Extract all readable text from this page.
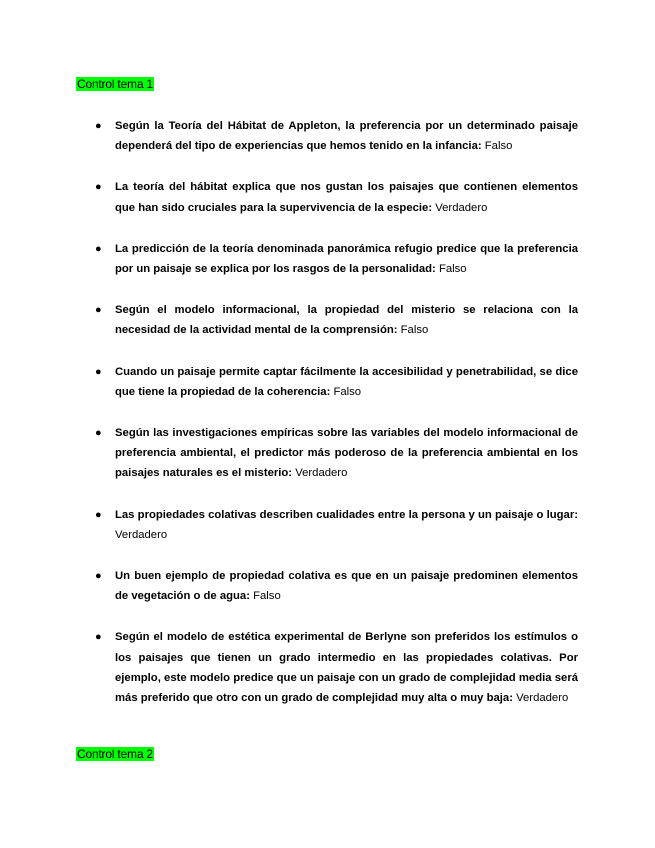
Control tema 1

● Según la Teoría del Hábitat de Appleton, la preferencia por un determinado paisaje dependerá del tipo de experiencias que hemos tenido en la infancia: Falso
● La teoría del hábitat explica que nos gustan los paisajes que contienen elementos que han sido cruciales para la supervivencia de la especie: Verdadero
● La predicción de la teoría denominada panorámica refugio predice que la preferencia por un paisaje se explica por los rasgos de la personalidad: Falso
● Según el modelo informacional, la propiedad del misterio se relaciona con la necesidad de la actividad mental de la comprensión: Falso
● Cuando un paisaje permite captar fácilmente la accesibilidad y penetrabilidad, se dice que tiene la propiedad de la coherencia: Falso
● Según las investigaciones empíricas sobre las variables del modelo informacional de preferencia ambiental, el predictor más poderoso de la preferencia ambiental en los paisajes naturales es el misterio: Verdadero
● Las propiedades colativas describen cualidades entre la persona y un paisaje o lugar: Verdadero
● Un buen ejemplo de propiedad colativa es que en un paisaje predominen elementos de vegetación o de agua: Falso
● Según el modelo de estética experimental de Berlyne son preferidos los estímulos o los paisajes que tienen un grado intermedio en las propiedades colativas. Por ejemplo, este modelo predice que un paisaje con un grado de complejidad media será más preferido que otro con un grado de complejidad muy alta o muy baja: Verdadero

Control tema 2
